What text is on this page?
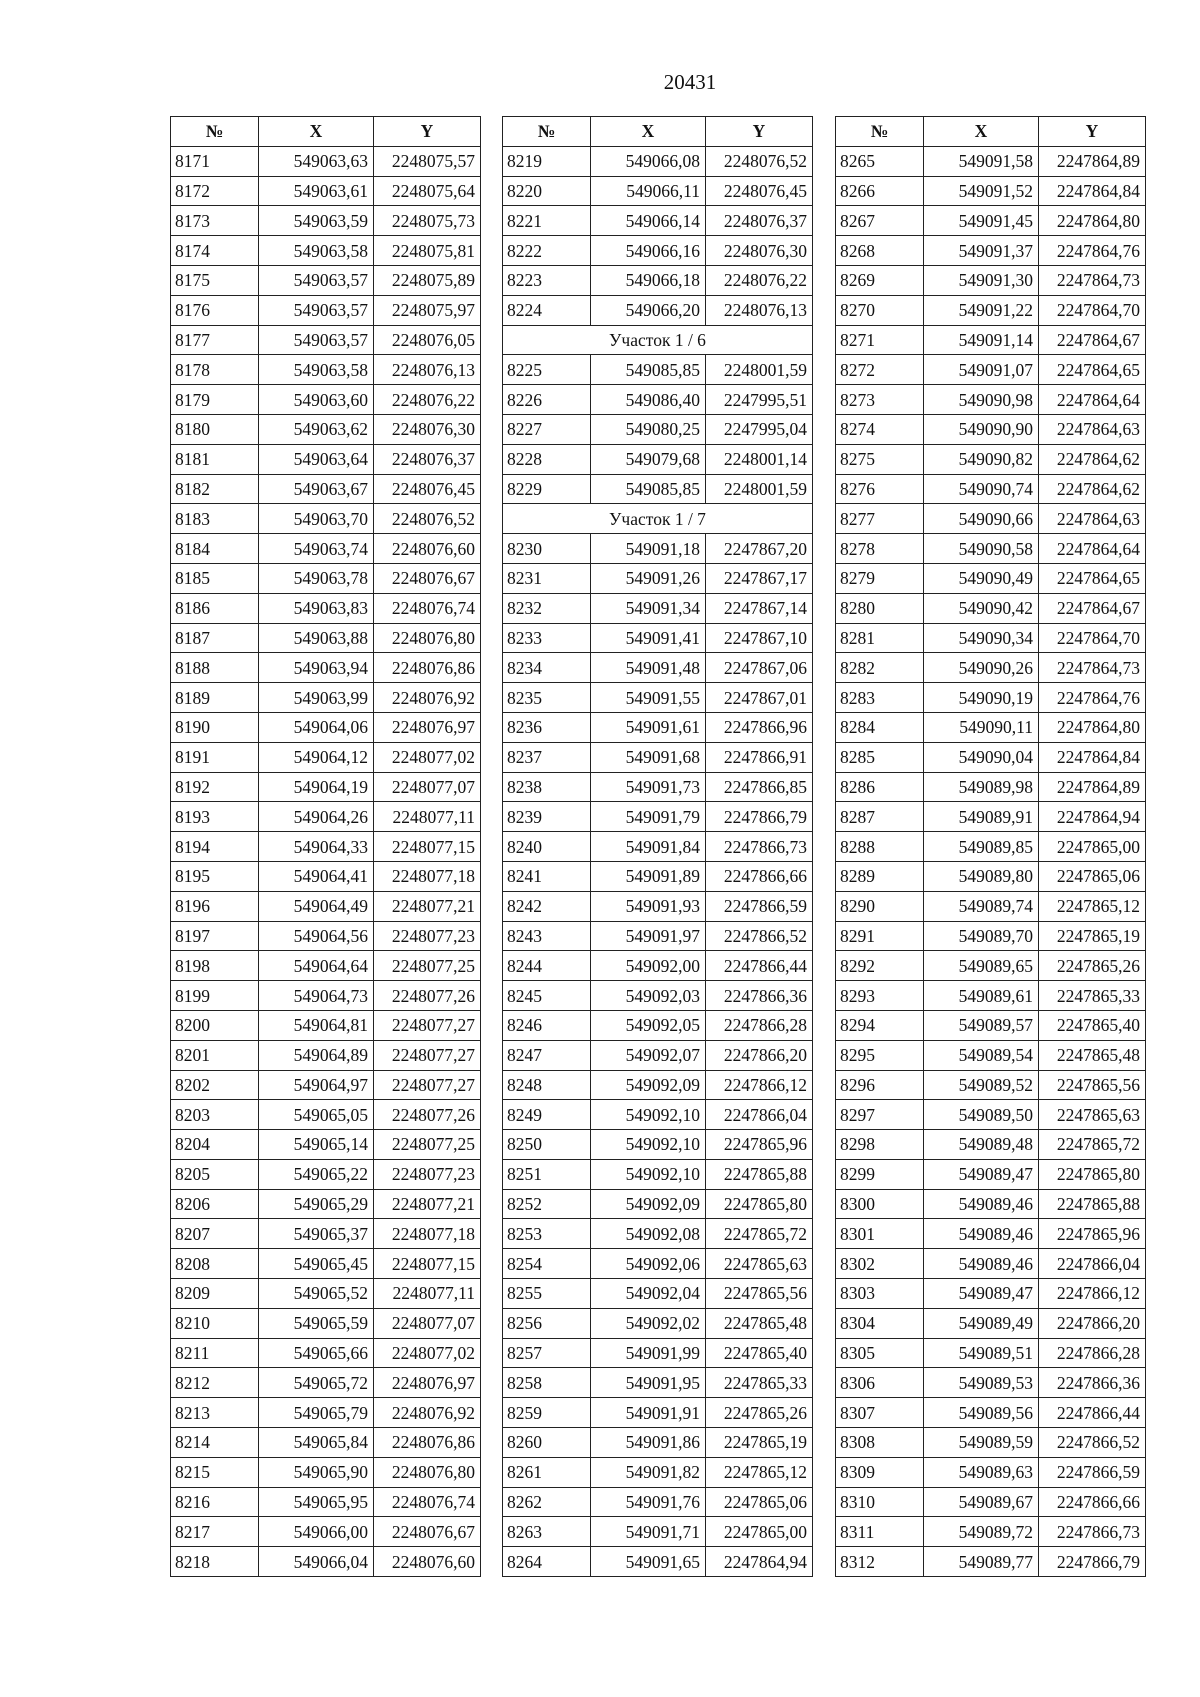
20431
№	X	Y
8171	549063,63	2248075,57
8172	549063,61	2248075,64
8173	549063,59	2248075,73
8174	549063,58	2248075,81
8175	549063,57	2248075,89
8176	549063,57	2248075,97
8177	549063,57	2248076,05
8178	549063,58	2248076,13
8179	549063,60	2248076,22
8180	549063,62	2248076,30
8181	549063,64	2248076,37
8182	549063,67	2248076,45
8183	549063,70	2248076,52
8184	549063,74	2248076,60
8185	549063,78	2248076,67
8186	549063,83	2248076,74
8187	549063,88	2248076,80
8188	549063,94	2248076,86
8189	549063,99	2248076,92
8190	549064,06	2248076,97
8191	549064,12	2248077,02
8192	549064,19	2248077,07
8193	549064,26	2248077,11
8194	549064,33	2248077,15
8195	549064,41	2248077,18
8196	549064,49	2248077,21
8197	549064,56	2248077,23
8198	549064,64	2248077,25
8199	549064,73	2248077,26
8200	549064,81	2248077,27
8201	549064,89	2248077,27
8202	549064,97	2248077,27
8203	549065,05	2248077,26
8204	549065,14	2248077,25
8205	549065,22	2248077,23
8206	549065,29	2248077,21
8207	549065,37	2248077,18
8208	549065,45	2248077,15
8209	549065,52	2248077,11
8210	549065,59	2248077,07
8211	549065,66	2248077,02
8212	549065,72	2248076,97
8213	549065,79	2248076,92
8214	549065,84	2248076,86
8215	549065,90	2248076,80
8216	549065,95	2248076,74
8217	549066,00	2248076,67
8218	549066,04	2248076,60
№	X	Y
8219	549066,08	2248076,52
8220	549066,11	2248076,45
8221	549066,14	2248076,37
8222	549066,16	2248076,30
8223	549066,18	2248076,22
8224	549066,20	2248076,13
Участок 1 / 6		
8225	549085,85	2248001,59
8226	549086,40	2247995,51
8227	549080,25	2247995,04
8228	549079,68	2248001,14
8229	549085,85	2248001,59
Участок 1 / 7		
8230	549091,18	2247867,20
8231	549091,26	2247867,17
8232	549091,34	2247867,14
8233	549091,41	2247867,10
8234	549091,48	2247867,06
8235	549091,55	2247867,01
8236	549091,61	2247866,96
8237	549091,68	2247866,91
8238	549091,73	2247866,85
8239	549091,79	2247866,79
8240	549091,84	2247866,73
8241	549091,89	2247866,66
8242	549091,93	2247866,59
8243	549091,97	2247866,52
8244	549092,00	2247866,44
8245	549092,03	2247866,36
8246	549092,05	2247866,28
8247	549092,07	2247866,20
8248	549092,09	2247866,12
8249	549092,10	2247866,04
8250	549092,10	2247865,96
8251	549092,10	2247865,88
8252	549092,09	2247865,80
8253	549092,08	2247865,72
8254	549092,06	2247865,63
8255	549092,04	2247865,56
8256	549092,02	2247865,48
8257	549091,99	2247865,40
8258	549091,95	2247865,33
8259	549091,91	2247865,26
8260	549091,86	2247865,19
8261	549091,82	2247865,12
8262	549091,76	2247865,06
8263	549091,71	2247865,00
8264	549091,65	2247864,94
№	X	Y
8265	549091,58	2247864,89
8266	549091,52	2247864,84
8267	549091,45	2247864,80
8268	549091,37	2247864,76
8269	549091,30	2247864,73
8270	549091,22	2247864,70
8271	549091,14	2247864,67
8272	549091,07	2247864,65
8273	549090,98	2247864,64
8274	549090,90	2247864,63
8275	549090,82	2247864,62
8276	549090,74	2247864,62
8277	549090,66	2247864,63
8278	549090,58	2247864,64
8279	549090,49	2247864,65
8280	549090,42	2247864,67
8281	549090,34	2247864,70
8282	549090,26	2247864,73
8283	549090,19	2247864,76
8284	549090,11	2247864,80
8285	549090,04	2247864,84
8286	549089,98	2247864,89
8287	549089,91	2247864,94
8288	549089,85	2247865,00
8289	549089,80	2247865,06
8290	549089,74	2247865,12
8291	549089,70	2247865,19
8292	549089,65	2247865,26
8293	549089,61	2247865,33
8294	549089,57	2247865,40
8295	549089,54	2247865,48
8296	549089,52	2247865,56
8297	549089,50	2247865,63
8298	549089,48	2247865,72
8299	549089,47	2247865,80
8300	549089,46	2247865,88
8301	549089,46	2247865,96
8302	549089,46	2247866,04
8303	549089,47	2247866,12
8304	549089,49	2247866,20
8305	549089,51	2247866,28
8306	549089,53	2247866,36
8307	549089,56	2247866,44
8308	549089,59	2247866,52
8309	549089,63	2247866,59
8310	549089,67	2247866,66
8311	549089,72	2247866,73
8312	549089,77	2247866,79
